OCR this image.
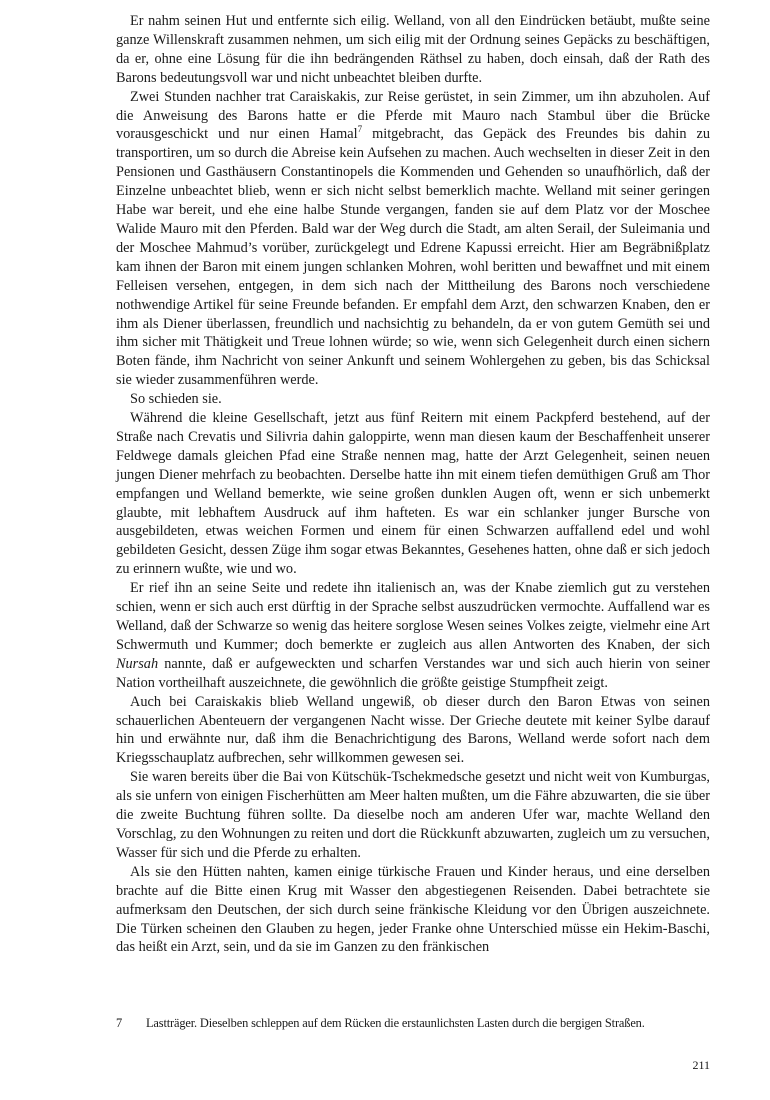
Er nahm seinen Hut und entfernte sich eilig. Welland, von all den Eindrücken betäubt, mußte seine ganze Willenskraft zusammen nehmen, um sich eilig mit der Ordnung seines Gepäcks zu beschäftigen, da er, ohne eine Lösung für die ihn bedrängenden Räthsel zu haben, doch einsah, daß der Rath des Barons bedeutungsvoll war und nicht unbeachtet bleiben durfte.

Zwei Stunden nachher trat Caraiskakis, zur Reise gerüstet, in sein Zimmer, um ihn abzuholen. Auf die Anweisung des Barons hatte er die Pferde mit Mauro nach Stambul über die Brücke vorausgeschickt und nur einen Hamal$^7$ mitgebracht, das Gepäck des Freundes bis dahin zu transportiren, um so durch die Abreise kein Aufsehen zu machen. Auch wechselten in dieser Zeit in den Pensionen und Gasthäusern Constantinopels die Kommenden und Gehenden so unaufhörlich, daß der Einzelne unbeachtet blieb, wenn er sich nicht selbst bemerklich machte. Welland mit seiner geringen Habe war bereit, und ehe eine halbe Stunde vergangen, fanden sie auf dem Platz vor der Moschee Walide Mauro mit den Pferden. Bald war der Weg durch die Stadt, am alten Serail, der Suleimania und der Moschee Mahmud’s vorüber, zurückgelegt und Edrene Kapussi erreicht. Hier am Begräbnißplatz kam ihnen der Baron mit einem jungen schlanken Mohren, wohl beritten und bewaffnet und mit einem Felleisen versehen, entgegen, in dem sich nach der Mittheilung des Barons noch verschiedene nothwendige Artikel für seine Freunde befanden. Er empfahl dem Arzt, den schwarzen Knaben, den er ihm als Diener überlassen, freundlich und nachsichtig zu behandeln, da er von gutem Gemüth sei und ihm sicher mit Thätigkeit und Treue lohnen würde; so wie, wenn sich Gelegenheit durch einen sichern Boten fände, ihm Nachricht von seiner Ankunft und seinem Wohlergehen zu geben, bis das Schicksal sie wieder zusammenführen werde.

So schieden sie.

Während die kleine Gesellschaft, jetzt aus fünf Reitern mit einem Packpferd bestehend, auf der Straße nach Crevatis und Silivria dahin galoppirte, wenn man diesen kaum der Beschaffenheit unserer Feldwege damals gleichen Pfad eine Straße nennen mag, hatte der Arzt Gelegenheit, seinen neuen jungen Diener mehrfach zu beobachten. Derselbe hatte ihn mit einem tiefen demüthigen Gruß am Thor empfangen und Welland bemerkte, wie seine großen dunklen Augen oft, wenn er sich unbemerkt glaubte, mit lebhaftem Ausdruck auf ihm hafteten. Es war ein schlanker junger Bursche von ausgebildeten, etwas weichen Formen und einem für einen Schwarzen auffallend edel und wohl gebildeten Gesicht, dessen Züge ihm sogar etwas Bekanntes, Gesehenes hatten, ohne daß er sich jedoch zu erinnern wußte, wie und wo.

Er rief ihn an seine Seite und redete ihn italienisch an, was der Knabe ziemlich gut zu verstehen schien, wenn er sich auch erst dürftig in der Sprache selbst auszudrücken vermochte. Auffallend war es Welland, daß der Schwarze so wenig das heitere sorglose Wesen seines Volkes zeigte, vielmehr eine Art Schwermuth und Kummer; doch bemerkte er zugleich aus allen Antworten des Knaben, der sich Nursah nannte, daß er aufgeweckten und scharfen Verstandes war und sich auch hierin von seiner Nation vortheilhaft auszeichnete, die gewöhnlich die größte geistige Stumpfheit zeigt.

Auch bei Caraiskakis blieb Welland ungewiß, ob dieser durch den Baron Etwas von seinen schauerlichen Abenteuern der vergangenen Nacht wisse. Der Grieche deutete mit keiner Sylbe darauf hin und erwähnte nur, daß ihm die Benachrichtigung des Barons, Welland werde sofort nach dem Kriegsschauplatz aufbrechen, sehr willkommen gewesen sei.

Sie waren bereits über die Bai von Kütschük-Tschekmedsche gesetzt und nicht weit von Kumburgas, als sie unfern von einigen Fischerhütten am Meer halten mußten, um die Fähre abzuwarten, die sie über die zweite Buchtung führen sollte. Da dieselbe noch am anderen Ufer war, machte Welland den Vorschlag, zu den Wohnungen zu reiten und dort die Rückkunft abzuwarten, zugleich um zu versuchen, Wasser für sich und die Pferde zu erhalten.

Als sie den Hütten nahten, kamen einige türkische Frauen und Kinder heraus, und eine derselben brachte auf die Bitte einen Krug mit Wasser den abgestiegenen Reisenden. Dabei betrachtete sie aufmerksam den Deutschen, der sich durch seine fränkische Kleidung vor den Übrigen auszeichnete. Die Türken scheinen den Glauben zu hegen, jeder Franke ohne Unterschied müsse ein Hekim-Baschi, das heißt ein Arzt, sein, und da sie im Ganzen zu den fränkischen

7	Lastträger. Dieselben schleppen auf dem Rücken die erstaunlichsten Lasten durch die bergigen Straßen.
211
